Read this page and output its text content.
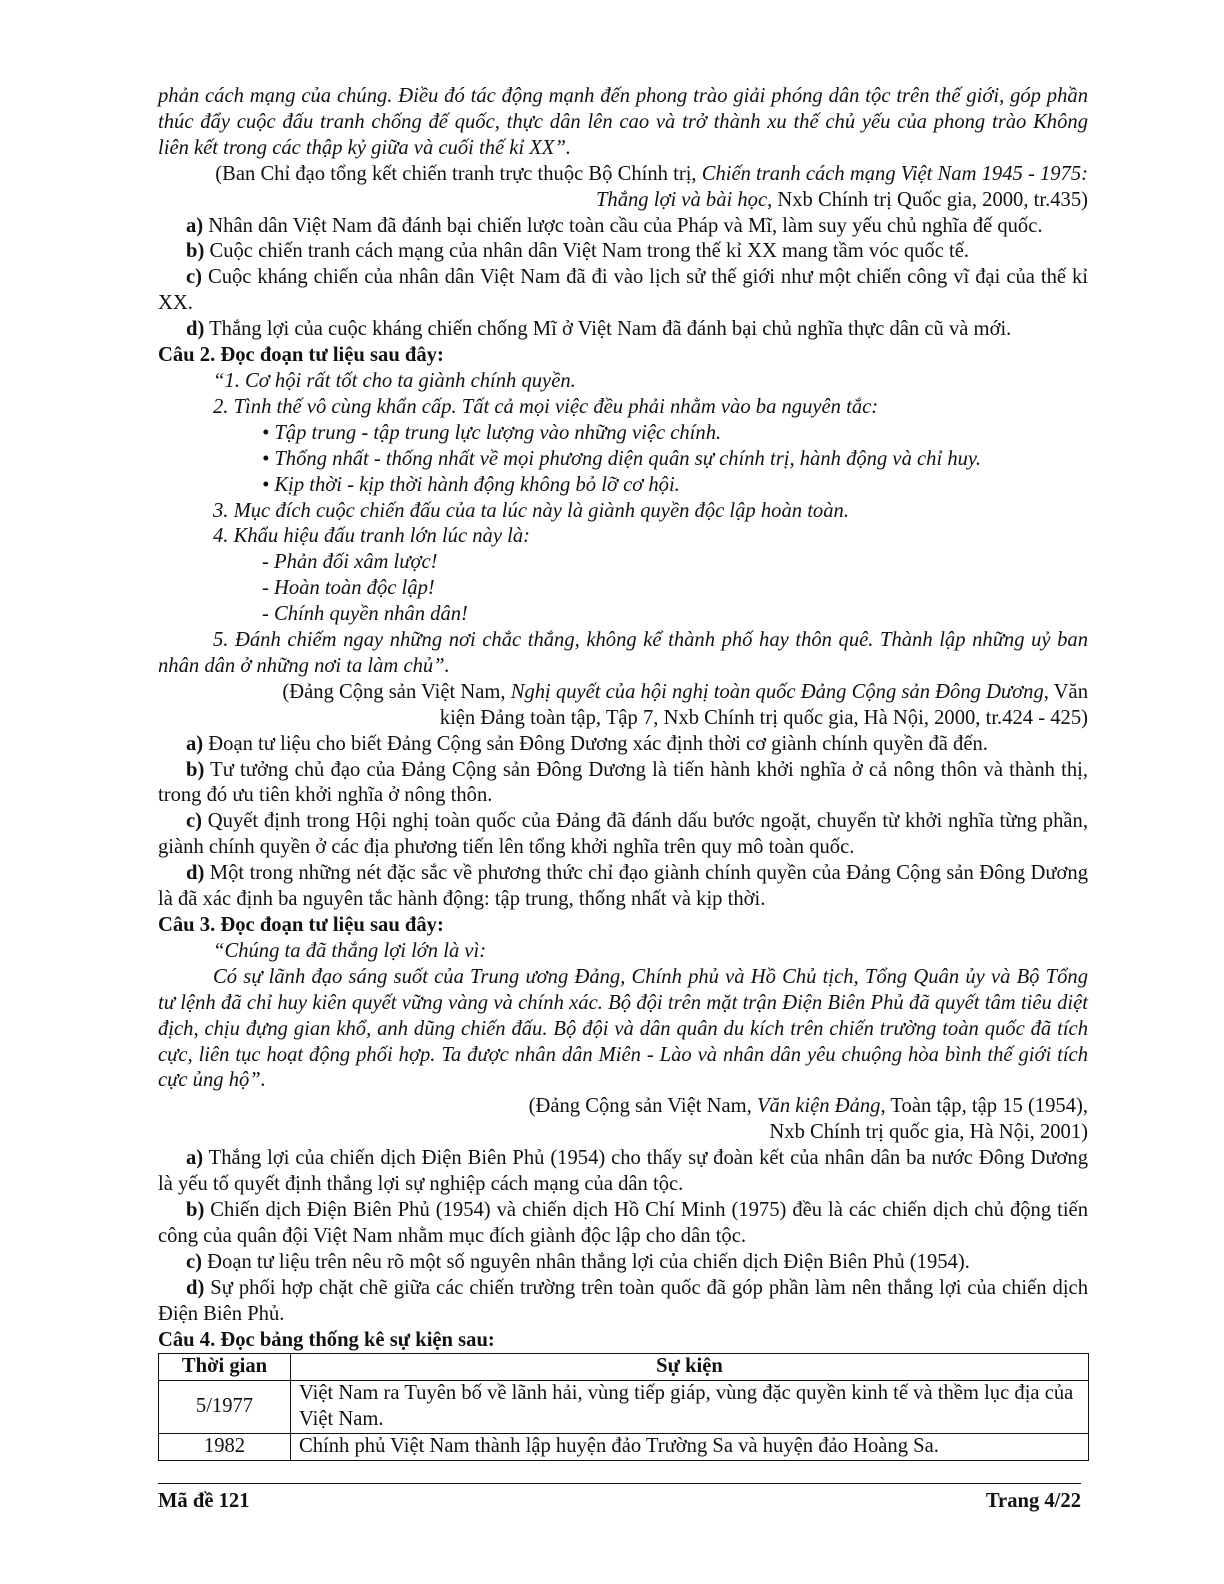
phản cách mạng của chúng. Điều đó tác động mạnh đến phong trào giải phóng dân tộc trên thế giới, góp phần thúc đẩy cuộc đấu tranh chống đế quốc, thực dân lên cao và trở thành xu thế chủ yếu của phong trào Không liên kết trong các thập kỷ giữa và cuối thế kỉ XX”.

(Ban Chỉ đạo tổng kết chiến tranh trực thuộc Bộ Chính trị, Chiến tranh cách mạng Việt Nam 1945 - 1975: Thắng lợi và bài học, Nxb Chính trị Quốc gia, 2000, tr.435)

a) Nhân dân Việt Nam đã đánh bại chiến lược toàn cầu của Pháp và Mĩ, làm suy yếu chủ nghĩa đế quốc.

b) Cuộc chiến tranh cách mạng của nhân dân Việt Nam trong thế kỉ XX mang tầm vóc quốc tế.

c) Cuộc kháng chiến của nhân dân Việt Nam đã đi vào lịch sử thế giới như một chiến công vĩ đại của thế kỉ XX.

d) Thắng lợi của cuộc kháng chiến chống Mĩ ở Việt Nam đã đánh bại chủ nghĩa thực dân cũ và mới.

Câu 2. Đọc đoạn tư liệu sau đây:

“1. Cơ hội rất tốt cho ta giành chính quyền.

2. Tình thế vô cùng khẩn cấp. Tất cả mọi việc đều phải nhằm vào ba nguyên tắc:

• Tập trung - tập trung lực lượng vào những việc chính.

• Thống nhất - thống nhất về mọi phương diện quân sự chính trị, hành động và chỉ huy.

• Kịp thời - kịp thời hành động không bỏ lỡ cơ hội.

3. Mục đích cuộc chiến đấu của ta lúc này là giành quyền độc lập hoàn toàn.

4. Khẩu hiệu đấu tranh lớn lúc này là:

- Phản đối xâm lược!

- Hoàn toàn độc lập!

- Chính quyền nhân dân!

5. Đánh chiếm ngay những nơi chắc thắng, không kể thành phố hay thôn quê. Thành lập những uỷ ban nhân dân ở những nơi ta làm chủ”.

(Đảng Cộng sản Việt Nam, Nghị quyết của hội nghị toàn quốc Đảng Cộng sản Đông Dương, Văn kiện Đảng toàn tập, Tập 7, Nxb Chính trị quốc gia, Hà Nội, 2000, tr.424 - 425)

a) Đoạn tư liệu cho biết Đảng Cộng sản Đông Dương xác định thời cơ giành chính quyền đã đến.

b) Tư tưởng chủ đạo của Đảng Cộng sản Đông Dương là tiến hành khởi nghĩa ở cả nông thôn và thành thị, trong đó ưu tiên khởi nghĩa ở nông thôn.

c) Quyết định trong Hội nghị toàn quốc của Đảng đã đánh dấu bước ngoặt, chuyển từ khởi nghĩa từng phần, giành chính quyền ở các địa phương tiến lên tổng khởi nghĩa trên quy mô toàn quốc.

d) Một trong những nét đặc sắc về phương thức chỉ đạo giành chính quyền của Đảng Cộng sản Đông Dương là đã xác định ba nguyên tắc hành động: tập trung, thống nhất và kịp thời.

Câu 3. Đọc đoạn tư liệu sau đây:

“Chúng ta đã thắng lợi lớn là vì:

Có sự lãnh đạo sáng suốt của Trung ương Đảng, Chính phủ và Hồ Chủ tịch, Tổng Quân ủy và Bộ Tổng tư lệnh đã chỉ huy kiên quyết vững vàng và chính xác. Bộ đội trên mặt trận Điện Biên Phủ đã quyết tâm tiêu diệt địch, chịu đựng gian khổ, anh dũng chiến đấu. Bộ đội và dân quân du kích trên chiến trường toàn quốc đã tích cực, liên tục hoạt động phối hợp. Ta được nhân dân Miên - Lào và nhân dân yêu chuộng hòa bình thế giới tích cực ủng hộ”.

(Đảng Cộng sản Việt Nam, Văn kiện Đảng, Toàn tập, tập 15 (1954),

Nxb Chính trị quốc gia, Hà Nội, 2001)

a) Thắng lợi của chiến dịch Điện Biên Phủ (1954) cho thấy sự đoàn kết của nhân dân ba nước Đông Dương là yếu tố quyết định thắng lợi sự nghiệp cách mạng của dân tộc.

b) Chiến dịch Điện Biên Phủ (1954) và chiến dịch Hồ Chí Minh (1975) đều là các chiến dịch chủ động tiến công của quân đội Việt Nam nhằm mục đích giành độc lập cho dân tộc.

c) Đoạn tư liệu trên nêu rõ một số nguyên nhân thắng lợi của chiến dịch Điện Biên Phủ (1954).

d) Sự phối hợp chặt chẽ giữa các chiến trường trên toàn quốc đã góp phần làm nên thắng lợi của chiến dịch Điện Biên Phủ.

Câu 4. Đọc bảng thống kê sự kiện sau:

Thời gian	Sự kiện
5/1977	Việt Nam ra Tuyên bố về lãnh hải, vùng tiếp giáp, vùng đặc quyền kinh tế và thềm lục địa của Việt Nam.
1982	Chính phủ Việt Nam thành lập huyện đảo Trường Sa và huyện đảo Hoàng Sa.
Mã đề 121	Trang 4/22
